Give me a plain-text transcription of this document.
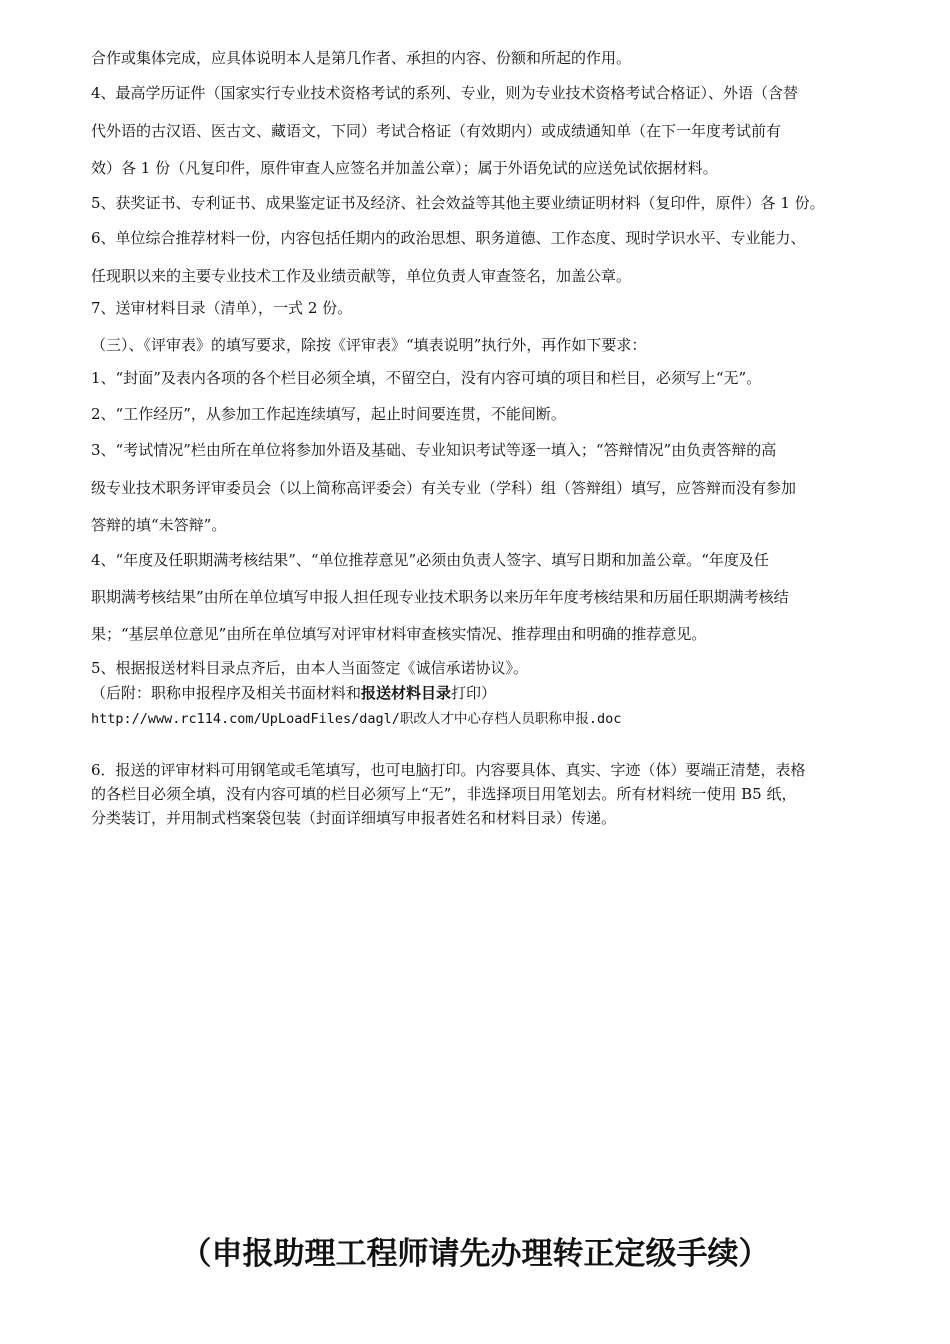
合作或集体完成，应具体说明本人是第几作者、承担的内容、份额和所起的作用。
4、最高学历证件（国家实行专业技术资格考试的系列、专业，则为专业技术资格考试合格证）、外语（含替
代外语的古汉语、医古文、藏语文，下同）考试合格证（有效期内）或成绩通知单（在下一年度考试前有
效）各 1 份（凡复印件，原件审查人应签名并加盖公章）；属于外语免试的应送免试依据材料。
5、获奖证书、专利证书、成果鉴定证书及经济、社会效益等其他主要业绩证明材料（复印件，原件）各 1 份。
6、单位综合推荐材料一份，内容包括任期内的政治思想、职务道德、工作态度、现时学识水平、专业能力、
任现职以来的主要专业技术工作及业绩贡献等，单位负责人审查签名，加盖公章。
7、送审材料目录（清单），一式 2 份。
（三）、《评审表》的填写要求，除按《评审表》“填表说明”执行外，再作如下要求：
1、“封面”及表内各项的各个栏目必须全填，不留空白，没有内容可填的项目和栏目，必须写上“无”。
2、“工作经历”，从参加工作起连续填写，起止时间要连贯，不能间断。
3、“考试情况”栏由所在单位将参加外语及基础、专业知识考试等逐一填入；“答辩情况”由负责答辩的高
级专业技术职务评审委员会（以上简称高评委会）有关专业（学科）组（答辩组）填写，应答辩而没有参加
答辩的填“未答辩”。
4、“年度及任职期满考核结果”、“单位推荐意见”必须由负责人签字、填写日期和加盖公章。“年度及任
职期满考核结果”由所在单位填写申报人担任现专业技术职务以来历年年度考核结果和历届任职期满考核结
果；“基层单位意见”由所在单位填写对评审材料审查核实情况、推荐理由和明确的推荐意见。
5、根据报送材料目录点齐后，由本人当面签定《诚信承诺协议》。
（后附：职称申报程序及相关书面材料和报送材料目录打印）
http://www.rc114.com/UpLoadFiles/dagl/职改人才中心存档人员职称申报.doc
6．报送的评审材料可用钢笔或毛笔填写，也可电脑打印。内容要具体、真实、字迹（体）要端正清楚，表格
的各栏目必须全填，没有内容可填的栏目必须写上“无”，非选择项目用笔划去。所有材料统一使用 B5 纸，
分类装订，并用制式档案袋包装（封面详细填写申报者姓名和材料目录）传递。
（申报助理工程师请先办理转正定级手续）
